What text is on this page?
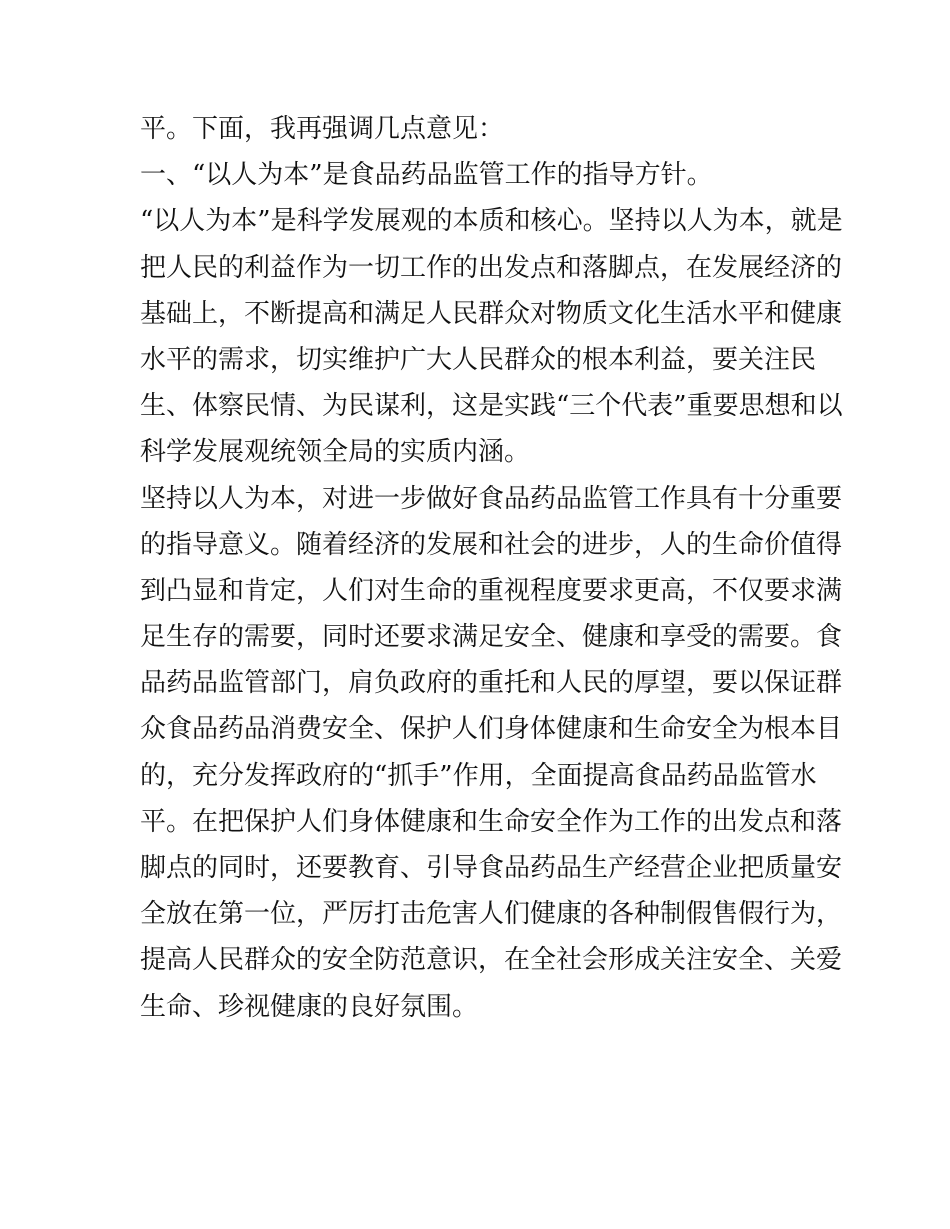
平。下面，我再强调几点意见：
一、“以人为本”是食品药品监管工作的指导方针。
“以人为本”是科学发展观的本质和核心。坚持以人为本，就是
把人民的利益作为一切工作的出发点和落脚点，在发展经济的
基础上，不断提高和满足人民群众对物质文化生活水平和健康
水平的需求，切实维护广大人民群众的根本利益，要关注民
生、体察民情、为民谋利，这是实践“三个代表”重要思想和以
科学发展观统领全局的实质内涵。
坚持以人为本，对进一步做好食品药品监管工作具有十分重要
的指导意义。随着经济的发展和社会的进步，人的生命价值得
到凸显和肯定，人们对生命的重视程度要求更高，不仅要求满
足生存的需要，同时还要求满足安全、健康和享受的需要。食
品药品监管部门，肩负政府的重托和人民的厚望，要以保证群
众食品药品消费安全、保护人们身体健康和生命安全为根本目
的，充分发挥政府的“抓手”作用，全面提高食品药品监管水
平。在把保护人们身体健康和生命安全作为工作的出发点和落
脚点的同时，还要教育、引导食品药品生产经营企业把质量安
全放在第一位，严厉打击危害人们健康的各种制假售假行为，
提高人民群众的安全防范意识，在全社会形成关注安全、关爱
生命、珍视健康的良好氛围。
